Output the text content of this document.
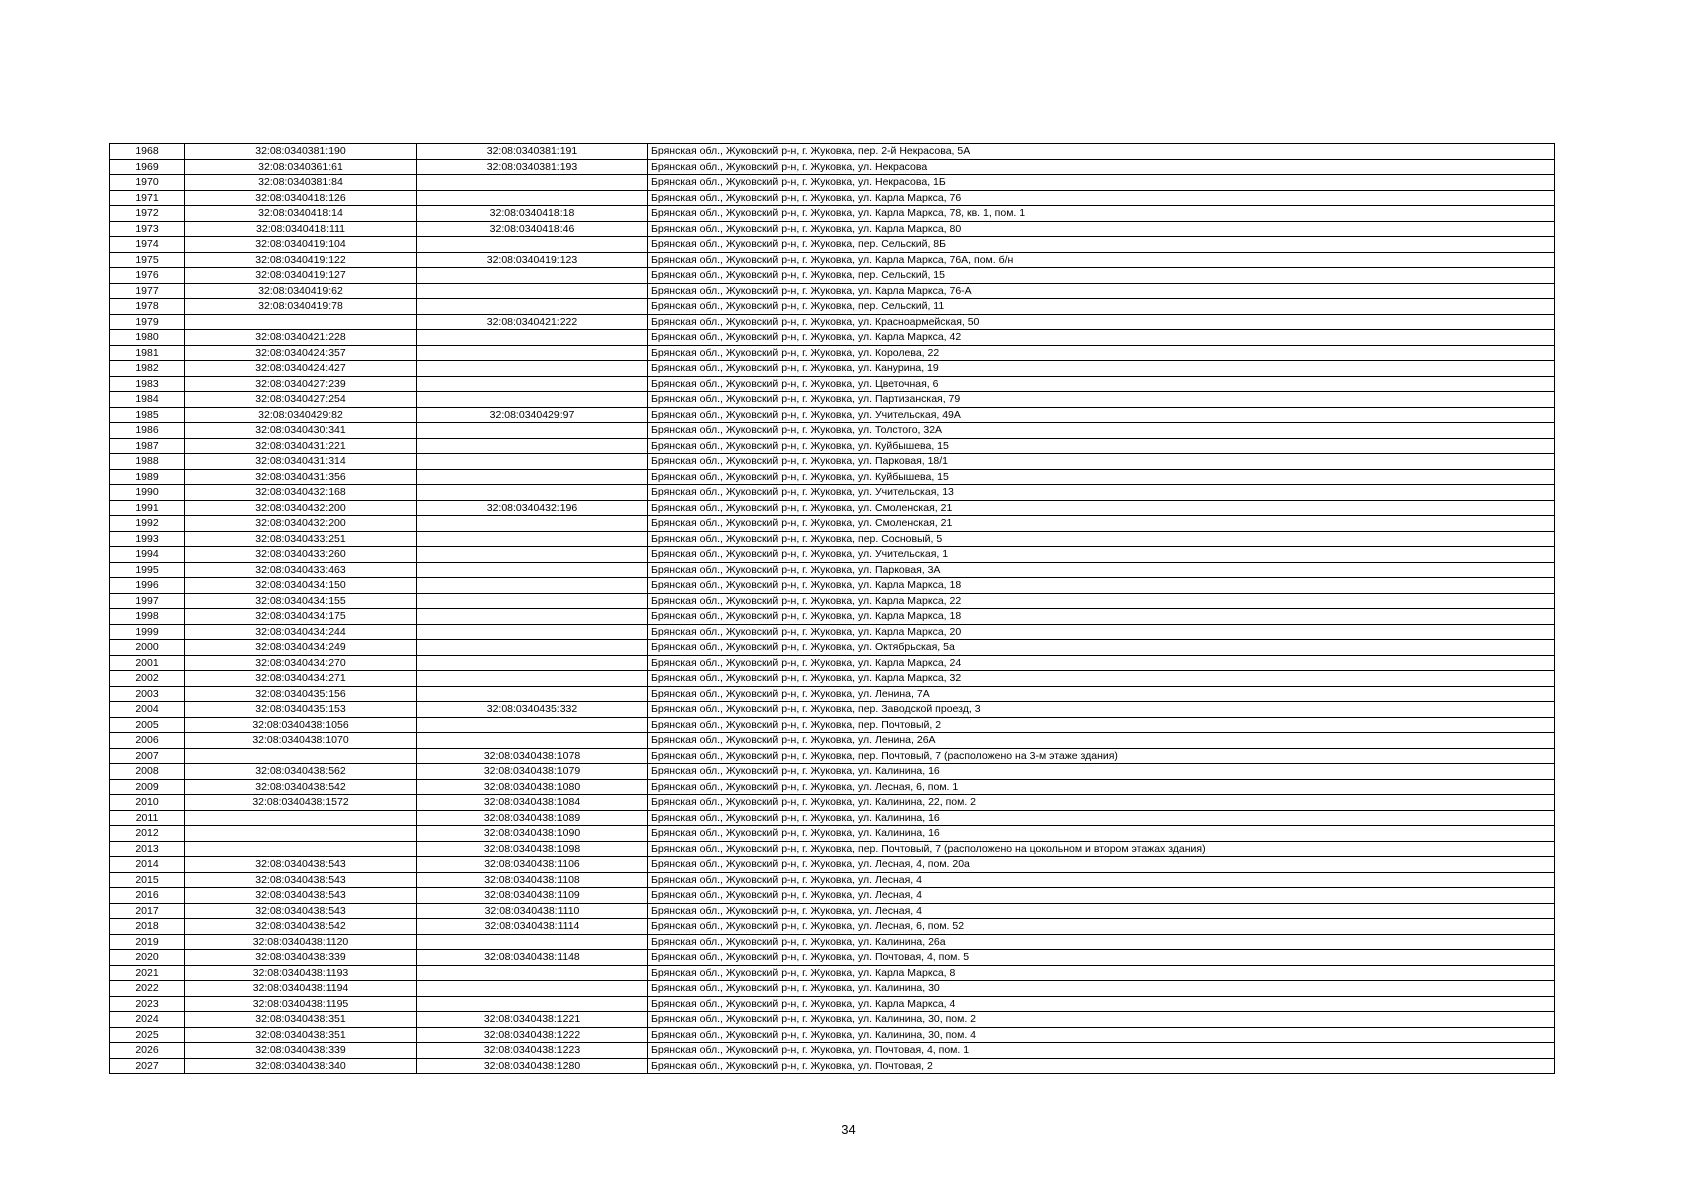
1968	32:08:0340381:190	32:08:0340381:191	Брянская обл., Жуковский р-н, г. Жуковка, пер. 2-й Некрасова, 5А
1969	32:08:0340361:61	32:08:0340381:193	Брянская обл., Жуковский р-н, г. Жуковка, ул. Некрасова
1970	32:08:0340381:84		Брянская обл., Жуковский р-н, г. Жуковка, ул. Некрасова, 1Б
1971	32:08:0340418:126		Брянская обл., Жуковский р-н, г. Жуковка, ул. Карла Маркса, 76
1972	32:08:0340418:14	32:08:0340418:18	Брянская обл., Жуковский р-н, г. Жуковка, ул. Карла Маркса, 78, кв. 1, пом. 1
1973	32:08:0340418:111	32:08:0340418:46	Брянская обл., Жуковский р-н, г. Жуковка, ул. Карла Маркса, 80
1974	32:08:0340419:104		Брянская обл., Жуковский р-н, г. Жуковка, пер. Сельский, 8Б
1975	32:08:0340419:122	32:08:0340419:123	Брянская обл., Жуковский р-н, г. Жуковка, ул. Карла Маркса, 76А, пом. б/н
1976	32:08:0340419:127		Брянская обл., Жуковский р-н, г. Жуковка, пер. Сельский, 15
1977	32:08:0340419:62		Брянская обл., Жуковский р-н, г. Жуковка, ул. Карла Маркса, 76-А
1978	32:08:0340419:78		Брянская обл., Жуковский р-н, г. Жуковка, пер. Сельский, 11
1979		32:08:0340421:222	Брянская обл., Жуковский р-н, г. Жуковка, ул. Красноармейская, 50
1980	32:08:0340421:228		Брянская обл., Жуковский р-н, г. Жуковка, ул. Карла Маркса, 42
1981	32:08:0340424:357		Брянская обл., Жуковский р-н, г. Жуковка, ул. Королева, 22
1982	32:08:0340424:427		Брянская обл., Жуковский р-н, г. Жуковка, ул. Канурина, 19
1983	32:08:0340427:239		Брянская обл., Жуковский р-н, г. Жуковка, ул. Цветочная, 6
1984	32:08:0340427:254		Брянская обл., Жуковский р-н, г. Жуковка, ул. Партизанская, 79
1985	32:08:0340429:82	32:08:0340429:97	Брянская обл., Жуковский р-н, г. Жуковка, ул. Учительская, 49А
1986	32:08:0340430:341		Брянская обл., Жуковский р-н, г. Жуковка, ул. Толстого, 32А
1987	32:08:0340431:221		Брянская обл., Жуковский р-н, г. Жуковка, ул. Куйбышева, 15
1988	32:08:0340431:314		Брянская обл., Жуковский р-н, г. Жуковка, ул. Парковая, 18/1
1989	32:08:0340431:356		Брянская обл., Жуковский р-н, г. Жуковка, ул. Куйбышева, 15
1990	32:08:0340432:168		Брянская обл., Жуковский р-н, г. Жуковка, ул. Учительская, 13
1991	32:08:0340432:200	32:08:0340432:196	Брянская обл., Жуковский р-н, г. Жуковка, ул. Смоленская, 21
1992	32:08:0340432:200		Брянская обл., Жуковский р-н, г. Жуковка, ул. Смоленская, 21
1993	32:08:0340433:251		Брянская обл., Жуковский р-н, г. Жуковка, пер. Сосновый, 5
1994	32:08:0340433:260		Брянская обл., Жуковский р-н, г. Жуковка, ул. Учительская, 1
1995	32:08:0340433:463		Брянская обл., Жуковский р-н, г. Жуковка, ул. Парковая, 3А
1996	32:08:0340434:150		Брянская обл., Жуковский р-н, г. Жуковка, ул. Карла Маркса, 18
1997	32:08:0340434:155		Брянская обл., Жуковский р-н, г. Жуковка, ул. Карла Маркса, 22
1998	32:08:0340434:175		Брянская обл., Жуковский р-н, г. Жуковка, ул. Карла Маркса, 18
1999	32:08:0340434:244		Брянская обл., Жуковский р-н, г. Жуковка, ул. Карла Маркса, 20
2000	32:08:0340434:249		Брянская обл., Жуковский р-н, г. Жуковка, ул. Октябрьская, 5а
2001	32:08:0340434:270		Брянская обл., Жуковский р-н, г. Жуковка, ул. Карла Маркса, 24
2002	32:08:0340434:271		Брянская обл., Жуковский р-н, г. Жуковка, ул. Карла Маркса, 32
2003	32:08:0340435:156		Брянская обл., Жуковский р-н, г. Жуковка, ул. Ленина, 7А
2004	32:08:0340435:153	32:08:0340435:332	Брянская обл., Жуковский р-н, г. Жуковка, пер. Заводской проезд, 3
2005	32:08:0340438:1056		Брянская обл., Жуковский р-н, г. Жуковка, пер. Почтовый, 2
2006	32:08:0340438:1070		Брянская обл., Жуковский р-н, г. Жуковка, ул. Ленина, 26А
2007		32:08:0340438:1078	Брянская обл., Жуковский р-н, г. Жуковка, пер. Почтовый, 7 (расположено на 3-м этаже здания)
2008	32:08:0340438:562	32:08:0340438:1079	Брянская обл., Жуковский р-н, г. Жуковка, ул. Калинина, 16
2009	32:08:0340438:542	32:08:0340438:1080	Брянская обл., Жуковский р-н, г. Жуковка, ул. Лесная, 6, пом. 1
2010	32:08:0340438:1572	32:08:0340438:1084	Брянская обл., Жуковский р-н, г. Жуковка, ул. Калинина, 22, пом. 2
2011		32:08:0340438:1089	Брянская обл., Жуковский р-н, г. Жуковка, ул. Калинина, 16
2012		32:08:0340438:1090	Брянская обл., Жуковский р-н, г. Жуковка, ул. Калинина, 16
2013		32:08:0340438:1098	Брянская обл., Жуковский р-н, г. Жуковка, пер. Почтовый, 7 (расположено на цокольном и втором этажах здания)
2014	32:08:0340438:543	32:08:0340438:1106	Брянская обл., Жуковский р-н, г. Жуковка, ул. Лесная, 4, пом. 20а
2015	32:08:0340438:543	32:08:0340438:1108	Брянская обл., Жуковский р-н, г. Жуковка, ул. Лесная, 4
2016	32:08:0340438:543	32:08:0340438:1109	Брянская обл., Жуковский р-н, г. Жуковка, ул. Лесная, 4
2017	32:08:0340438:543	32:08:0340438:1110	Брянская обл., Жуковский р-н, г. Жуковка, ул. Лесная, 4
2018	32:08:0340438:542	32:08:0340438:1114	Брянская обл., Жуковский р-н, г. Жуковка, ул. Лесная, 6, пом. 52
2019	32:08:0340438:1120		Брянская обл., Жуковский р-н, г. Жуковка, ул. Калинина, 26а
2020	32:08:0340438:339	32:08:0340438:1148	Брянская обл., Жуковский р-н, г. Жуковка, ул. Почтовая, 4, пом. 5
2021	32:08:0340438:1193		Брянская обл., Жуковский р-н, г. Жуковка, ул. Карла Маркса, 8
2022	32:08:0340438:1194		Брянская обл., Жуковский р-н, г. Жуковка, ул. Калинина, 30
2023	32:08:0340438:1195		Брянская обл., Жуковский р-н, г. Жуковка, ул. Карла Маркса, 4
2024	32:08:0340438:351	32:08:0340438:1221	Брянская обл., Жуковский р-н, г. Жуковка, ул. Калинина, 30, пом. 2
2025	32:08:0340438:351	32:08:0340438:1222	Брянская обл., Жуковский р-н, г. Жуковка, ул. Калинина, 30, пом. 4
2026	32:08:0340438:339	32:08:0340438:1223	Брянская обл., Жуковский р-н, г. Жуковка, ул. Почтовая, 4, пом. 1
2027	32:08:0340438:340	32:08:0340438:1280	Брянская обл., Жуковский р-н, г. Жуковка, ул. Почтовая, 2
34
